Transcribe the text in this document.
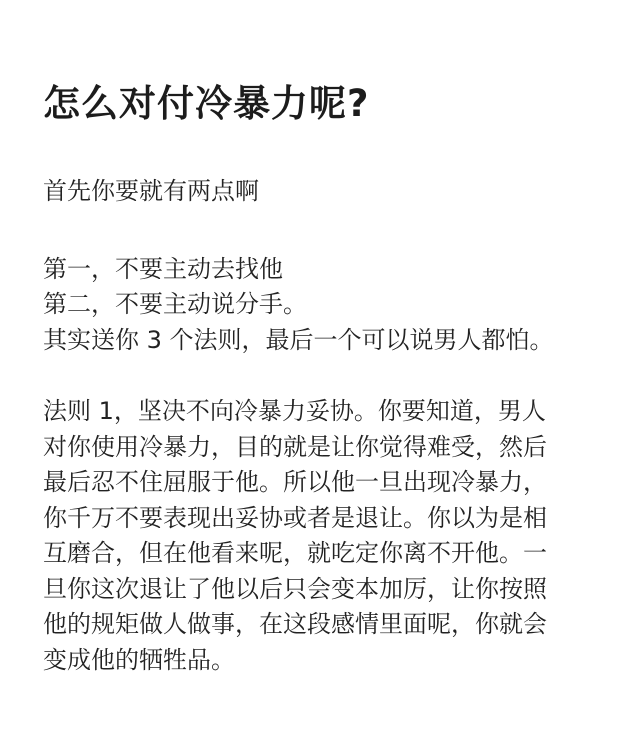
怎么对付冷暴力呢?

首先你要就有两点啊

第一，不要主动去找他
第二，不要主动说分手。
其实送你 3 个法则，最后一个可以说男人都怕。

法则 1，坚决不向冷暴力妥协。你要知道，男人
对你使用冷暴力，目的就是让你觉得难受，然后
最后忍不住屈服于他。所以他一旦出现冷暴力，
你千万不要表现出妥协或者是退让。你以为是相
互磨合，但在他看来呢，就吃定你离不开他。一
旦你这次退让了他以后只会变本加厉，让你按照
他的规矩做人做事，在这段感情里面呢，你就会
变成他的牺牲品。
